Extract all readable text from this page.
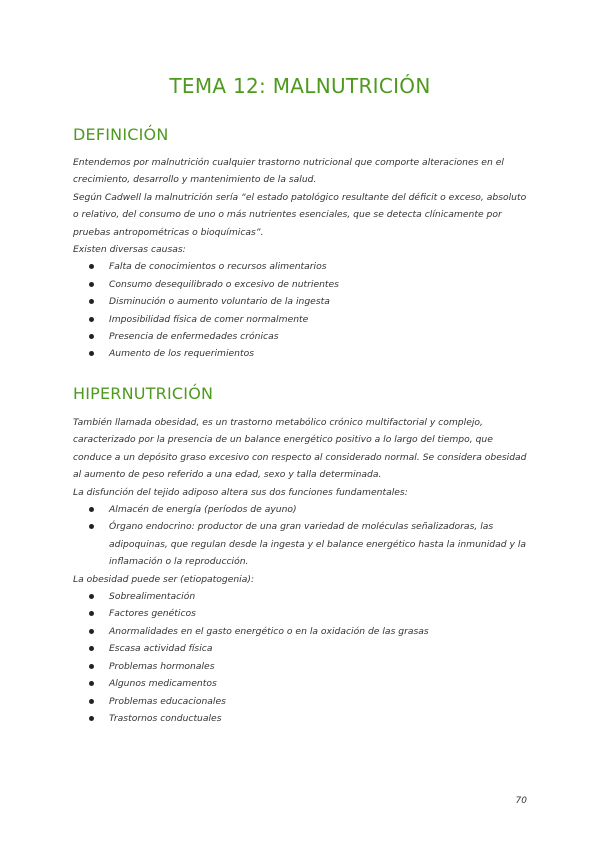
TEMA 12: MALNUTRICIÓN
DEFINICIÓN

Entendemos por malnutrición cualquier trastorno nutricional que comporte alteraciones en el crecimiento, desarrollo y mantenimiento de la salud.

Según Cadwell la malnutrición sería “el estado patológico resultante del déficit o exceso, absoluto o relativo, del consumo de uno o más nutrientes esenciales, que se detecta clínicamente por pruebas antropométricas o bioquímicas”.

Existen diversas causas:

Falta de conocimientos o recursos alimentarios
Consumo desequilibrado o excesivo de nutrientes
Disminución o aumento voluntario de la ingesta
Imposibilidad física de comer normalmente
Presencia de enfermedades crónicas
Aumento de los requerimientos
HIPERNUTRICIÓN

También llamada obesidad, es un trastorno metabólico crónico multifactorial y complejo, caracterizado por la presencia de un balance energético positivo a lo largo del tiempo, que conduce a un depósito graso excesivo con respecto al considerado normal. Se considera obesidad al aumento de peso referido a una edad, sexo y talla determinada.

La disfunción del tejido adiposo altera sus dos funciones fundamentales:

Almacén de energía (períodos de ayuno)
Órgano endocrino: productor de una gran variedad de moléculas señalizadoras, las adipoquinas, que regulan desde la ingesta y el balance energético hasta la inmunidad y la inflamación o la reproducción.

La obesidad puede ser (etiopatogenia):

Sobrealimentación
Factores genéticos
Anormalidades en el gasto energético o en la oxidación de las grasas
Escasa actividad física
Problemas hormonales
Algunos medicamentos
Problemas educacionales
Trastornos conductuales
70
